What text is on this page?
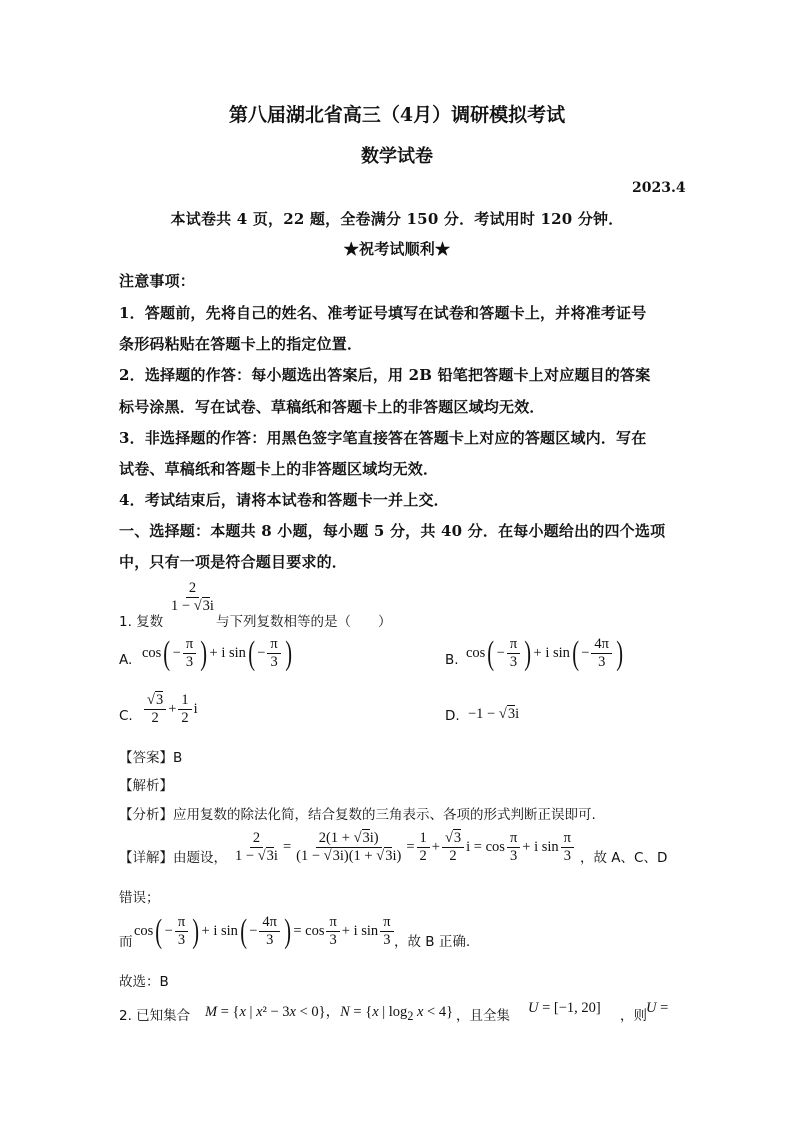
第八届湖北省高三（4月）调研模拟考试
数学试卷
2023.4
本试卷共 4 页，22 题，全卷满分 150 分．考试用时 120 分钟．
★祝考试顺利★
注意事项：
1．答题前，先将自己的姓名、准考证号填写在试卷和答题卡上，并将准考证号
条形码粘贴在答题卡上的指定位置．
2．选择题的作答：每小题选出答案后，用 2B 铅笔把答题卡上对应题目的答案
标号涂黑．写在试卷、草稿纸和答题卡上的非答题区域均无效．
3．非选择题的作答：用黑色签字笔直接答在答题卡上对应的答题区域内．写在
试卷、草稿纸和答题卡上的非答题区域均无效．
4．考试结束后，请将本试卷和答题卡一并上交．
一、选择题：本题共 8 小题，每小题 5 分，共 40 分．在每小题给出的四个选项
中，只有一项是符合题目要求的．
1. 复数
$\frac{2}{1 - √ 3i}$
与下列复数相等的是（　　）
A. $\cos( - \frac{\pi}{3}$ ) + i $\sin( - \frac{\pi}{3}$ )	B. $\cos( - \frac{\pi}{3}$ ) + i $\sin( - \frac{4\pi}{3}$ )
C. √ $\frac{3}{2} + \frac{1}{2}$ i	D. −1 − √ 3i
【答案】B
【解析】
【分析】应用复数的除法化简，结合复数的三角表示、各项的形式判断正误即可.
【详解】由题设， $\frac{2}{1 - √ 3i} = \frac{2(1 + √ 3i)}{(1 - √ 3i)(1 + √ 3i)} = \frac{1}{2}$ + √ $\frac{3}{2}$ $i = \cos \frac{\pi}{3} + i$ $\sin \frac{\pi}{3}$ ，故 A、C、D
错误；
而
$\cos( - \frac{\pi}{3}$ ) + i $\sin( - \frac{4\pi}{3}$ ) = $\cos \frac{\pi}{3} + i$ $\sin \frac{\pi}{3}$ ，故 B 正确.
故选：B
2. 已知集合 M = {x | x² − 3x < 0}，N = {x | $\log_2 x < 4$} ，且全集 U = [−1, 20] ，则 U =
